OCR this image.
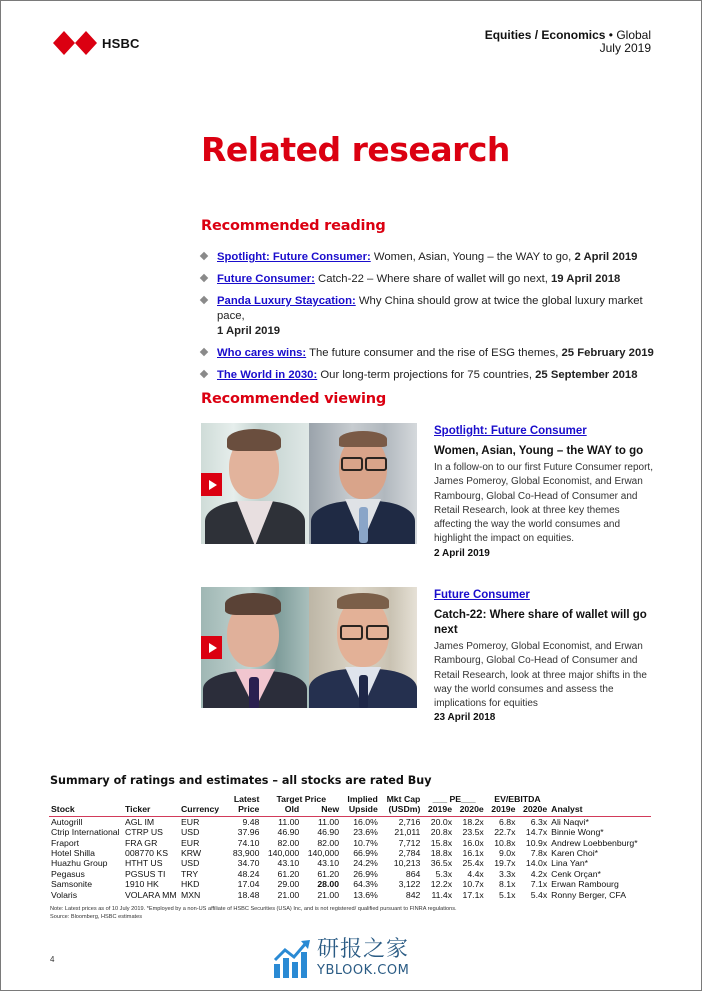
HSBC
Equities / Economics • Global
July 2019
Related research
Recommended reading
Spotlight: Future Consumer: Women, Asian, Young – the WAY to go, 2 April 2019
Future Consumer: Catch-22 – Where share of wallet will go next, 19 April 2018
Panda Luxury Staycation: Why China should grow at twice the global luxury market pace,
1 April 2019
Who cares wins: The future consumer and the rise of ESG themes, 25 February 2019
The World in 2030: Our long-term projections for 75 countries, 25 September 2018
Recommended viewing
Spotlight: Future Consumer
Women, Asian, Young – the WAY to go
In a follow-on to our first Future Consumer report, James Pomeroy, Global Economist, and Erwan Rambourg, Global Co-Head of Consumer and Retail Research, look at three key themes affecting the way the world consumes and highlight the impact on equities.
2 April 2019
Future Consumer
Catch-22: Where share of wallet will go next
James Pomeroy, Global Economist, and Erwan Rambourg, Global Co-Head of Consumer and Retail Research, look at three major shifts in the way the world consumes and assess the implications for equities
23 April 2018
Summary of ratings and estimates – all stocks are rated Buy
			Latest	Target Price		Implied	Mkt Cap	___ PE___		EV/EBITDA		
Stock	Ticker	Currency	Price	Old	New	Upside	(USDm)	2019e	2020e	2019e	2020e	Analyst
Autogrill	AGL IM	EUR	9.48	11.00	11.00	16.0%	2,716	20.0x	18.2x	6.8x	6.3x	Ali Naqvi*
Ctrip International	CTRP US	USD	37.96	46.90	46.90	23.6%	21,011	20.8x	23.5x	22.7x	14.7x	Binnie Wong*
Fraport	FRA GR	EUR	74.10	82.00	82.00	10.7%	7,712	15.8x	16.0x	10.8x	10.9x	Andrew Loebbenburg*
Hotel Shilla	008770 KS	KRW	83,900	140,000	140,000	66.9%	2,784	18.8x	16.1x	9.0x	7.8x	Karen Choi*
Huazhu Group	HTHT US	USD	34.70	43.10	43.10	24.2%	10,213	36.5x	25.4x	19.7x	14.0x	Lina Yan*
Pegasus	PGSUS TI	TRY	48.24	61.20	61.20	26.9%	864	5.3x	4.4x	3.3x	4.2x	Cenk Orçan*
Samsonite	1910 HK	HKD	17.04	29.00	28.00	64.3%	3,122	12.2x	10.7x	8.1x	7.1x	Erwan Rambourg
Volaris	VOLARA MM	MXN	18.48	21.00	21.00	13.6%	842	11.4x	17.1x	5.1x	5.4x	Ronny Berger, CFA
Note: Latest prices as of 10 July 2019. *Employed by a non-US affiliate of HSBC Securities (USA) Inc, and is not registered/ qualified pursuant to FINRA regulations.
Source: Bloomberg, HSBC estimates
4	研报之家
YBLOOK.COM
